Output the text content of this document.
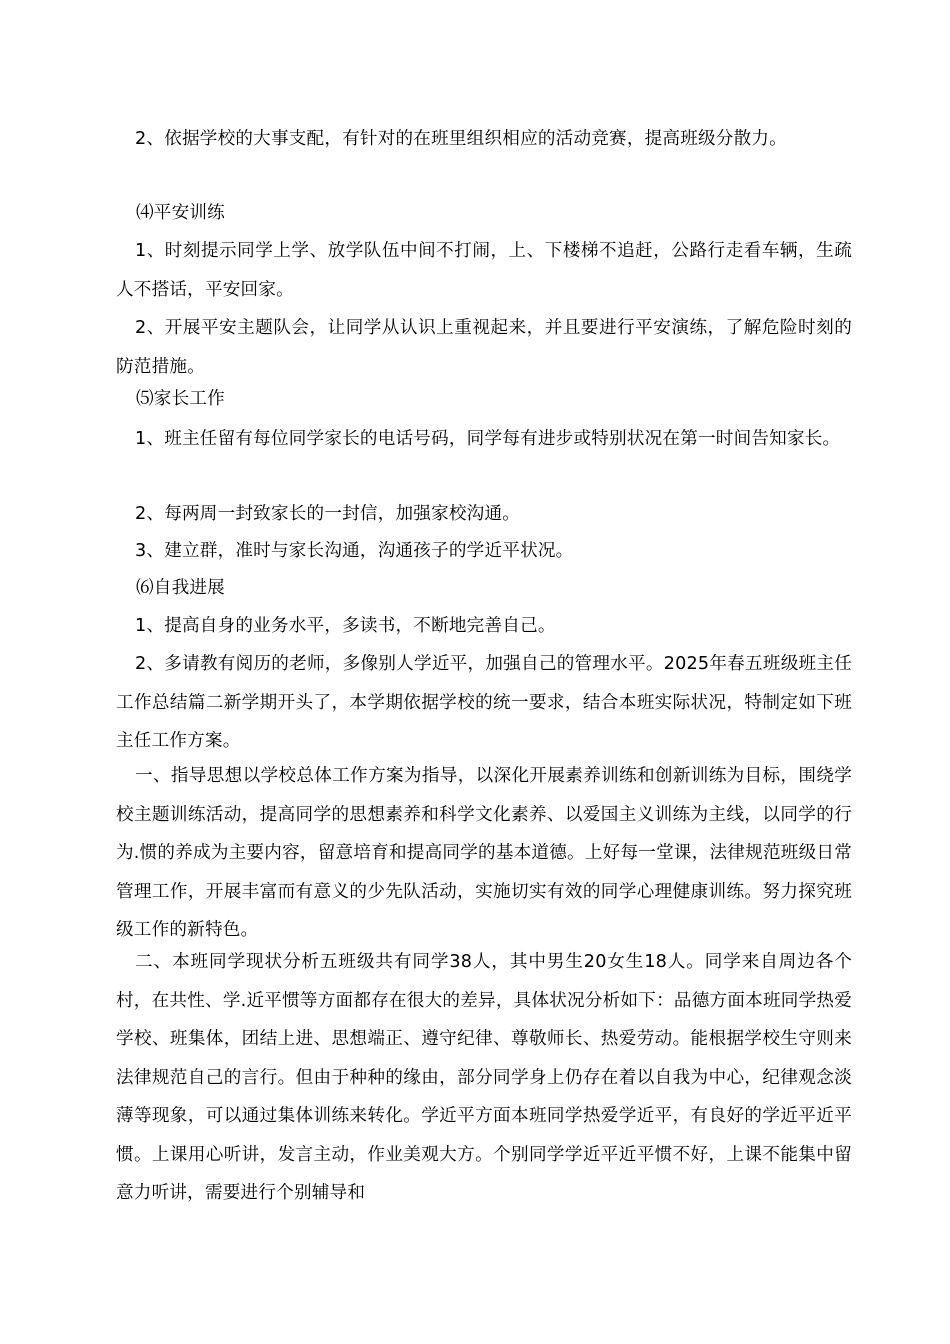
2、依据学校的大事支配，有针对的在班里组织相应的活动竞赛，提高班级分散力。

⑷平安训练

1、时刻提示同学上学、放学队伍中间不打闹，上、下楼梯不追赶，公路行走看车辆，生疏人不搭话，平安回家。

2、开展平安主题队会，让同学从认识上重视起来，并且要进行平安演练，了解危险时刻的防范措施。

⑸家长工作

1、班主任留有每位同学家长的电话号码，同学每有进步或特别状况在第一时间告知家长。

2、每两周一封致家长的一封信，加强家校沟通。

3、建立群，准时与家长沟通，沟通孩子的学近平状况。

⑹自我进展

1、提高自身的业务水平，多读书，不断地完善自己。

2、多请教有阅历的老师，多像别人学近平，加强自己的管理水平。2025年春五班级班主任工作总结篇二新学期开头了，本学期依据学校的统一要求，结合本班实际状况，特制定如下班主任工作方案。

一、指导思想以学校总体工作方案为指导，以深化开展素养训练和创新训练为目标，围绕学校主题训练活动，提高同学的思想素养和科学文化素养、以爱国主义训练为主线，以同学的行为.惯的养成为主要内容，留意培育和提高同学的基本道德。上好每一堂课，法律规范班级日常管理工作，开展丰富而有意义的少先队活动，实施切实有效的同学心理健康训练。努力探究班级工作的新特色。

二、本班同学现状分析五班级共有同学38人，其中男生20女生18人。同学来自周边各个村，在共性、学.近平惯等方面都存在很大的差异，具体状况分析如下：品德方面本班同学热爱学校、班集体，团结上进、思想端正、遵守纪律、尊敬师长、热爱劳动。能根据学校生守则来法律规范自己的言行。但由于种种的缘由，部分同学身上仍存在着以自我为中心，纪律观念淡薄等现象，可以通过集体训练来转化。学近平方面本班同学热爱学近平，有良好的学近平近平惯。上课用心听讲，发言主动，作业美观大方。个别同学学近平近平惯不好，上课不能集中留意力听讲，需要进行个别辅导和
